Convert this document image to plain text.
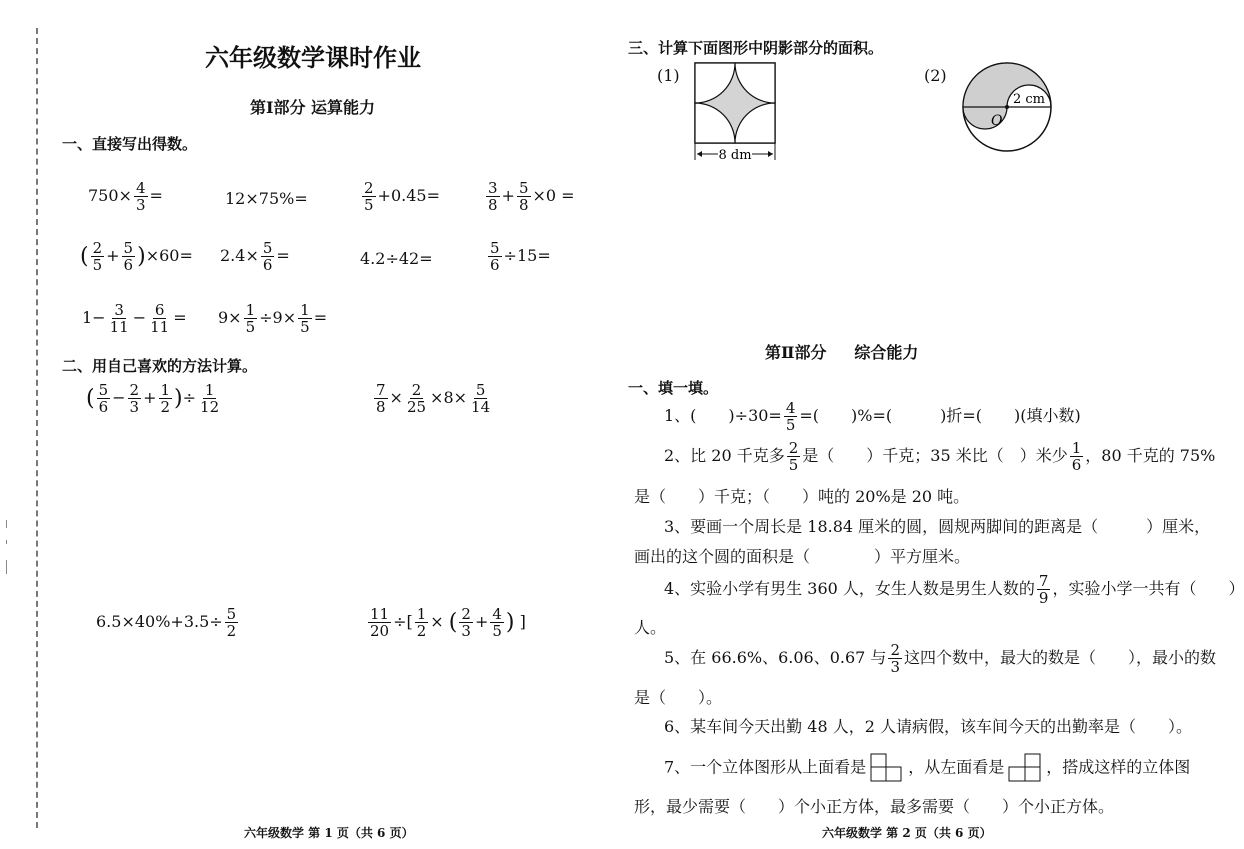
六年级数学课时作业
第Ⅰ部分 运算能力
一、直接写出得数。
$750\times \frac{4}{3}$ =	12×75%=	$\frac{2}{5} +0.45=$	$\frac{3}{8} + \frac{5}{8} \times 0$ =
( $\frac{2}{5} + \frac{5}{6} )\times 60= 2.4\times \frac{5}{6}$ =	4.2÷42=	$\frac{5}{6} \div 15=$
$1- \frac{3}{11} - \frac{6}{11} = 9\times \frac{1}{5} \div 9\times \frac{1}{5}$ =
二、用自己喜欢的方法计算。
( $\frac{5}{6} - \frac{2}{3} + \frac{1}{2}$ )÷ $\frac{1}{12}$	$\frac{7}{8} \times \frac{2}{25} \times 8\times \frac{5}{14}$
$6.5\times 40\%+3.5\div \frac{5}{2}$	$\frac{11}{20}$ ÷[ $\frac{1}{2}$ × ( $\frac{2}{3} + \frac{4}{5}$ ) ]
六年级数学 第 1 页（共 6 页）
三、计算下面图形中阴影部分的面积。
(1)	(2)
8 dm
O
2 cm
第Ⅱ部分     综合能力
一、填一填。
1、(　　)$\div 30= \frac{4}{5}$ =(　　)%=(　　　)折=(　　)(填小数)
2、比 20 千克多 $\frac{2}{5}$ 是（　　）千克；35 米比（　）米少 $\frac{1}{6}$ ，80 千克的 75%
是（　　）千克；（　　）吨的 20%是 20 吨。
3、要画一个周长是 18.84 厘米的圆，圆规两脚间的距离是（　　　）厘米，
画出的这个圆的面积是（　　　　）平方厘米。
4、实验小学有男生 360 人，女生人数是男生人数的 $\frac{7}{9}$ ，实验小学一共有（　　）
人。
5、在 66.6%、6.06、0.67 与 $\frac{2}{3}$ 这四个数中，最大的数是（　　），最小的数
是（　　）。
6、某车间今天出勤 48 人，2 人请病假，该车间今天的出勤率是（　　）。
7、一个立体图形从上面看是	，从左面看是	，搭成这样的立体图
形，最少需要（　　）个小正方体，最多需要（　　）个小正方体。
六年级数学 第 2 页（共 6 页）
